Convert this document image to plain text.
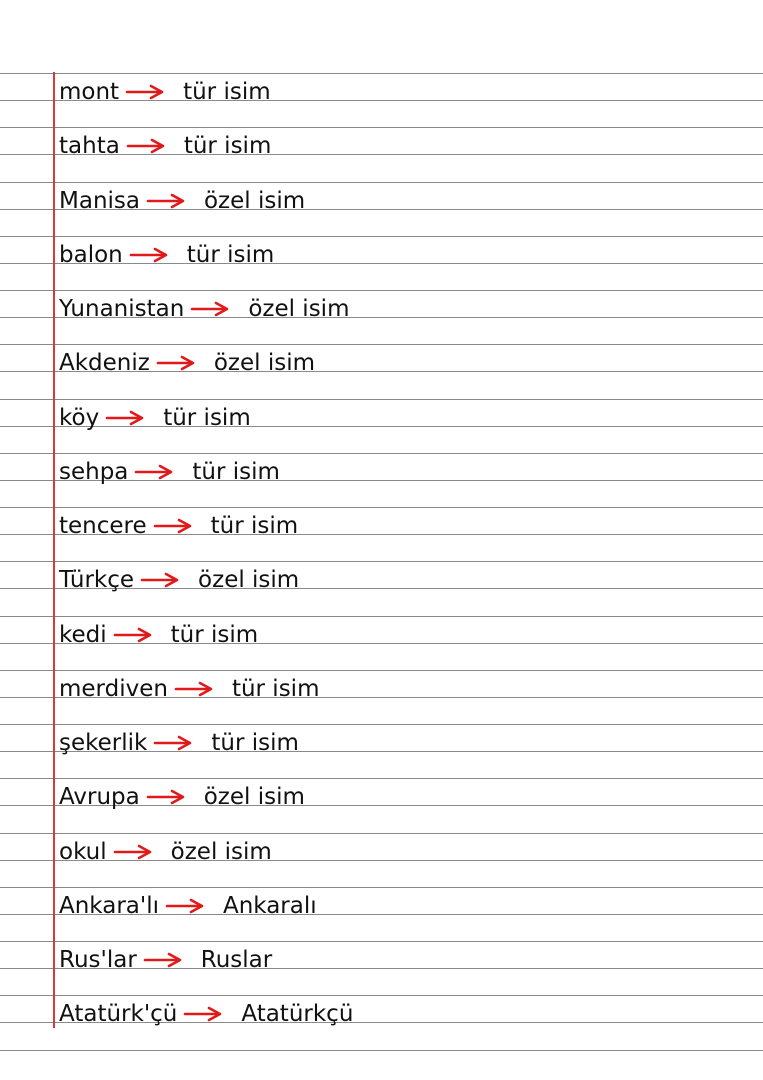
mont	tür isim
tahta	tür isim
Manisa	özel isim
balon	tür isim
Yunanistan	özel isim
Akdeniz	özel isim
köy	tür isim
sehpa	tür isim
tencere	tür isim
Türkçe	özel isim
kedi	tür isim
merdiven	tür isim
şekerlik	tür isim
Avrupa	özel isim
okul	özel isim
Ankara'lı	Ankaralı
Rus'lar	Ruslar
Atatürk'çü	Atatürkçü
